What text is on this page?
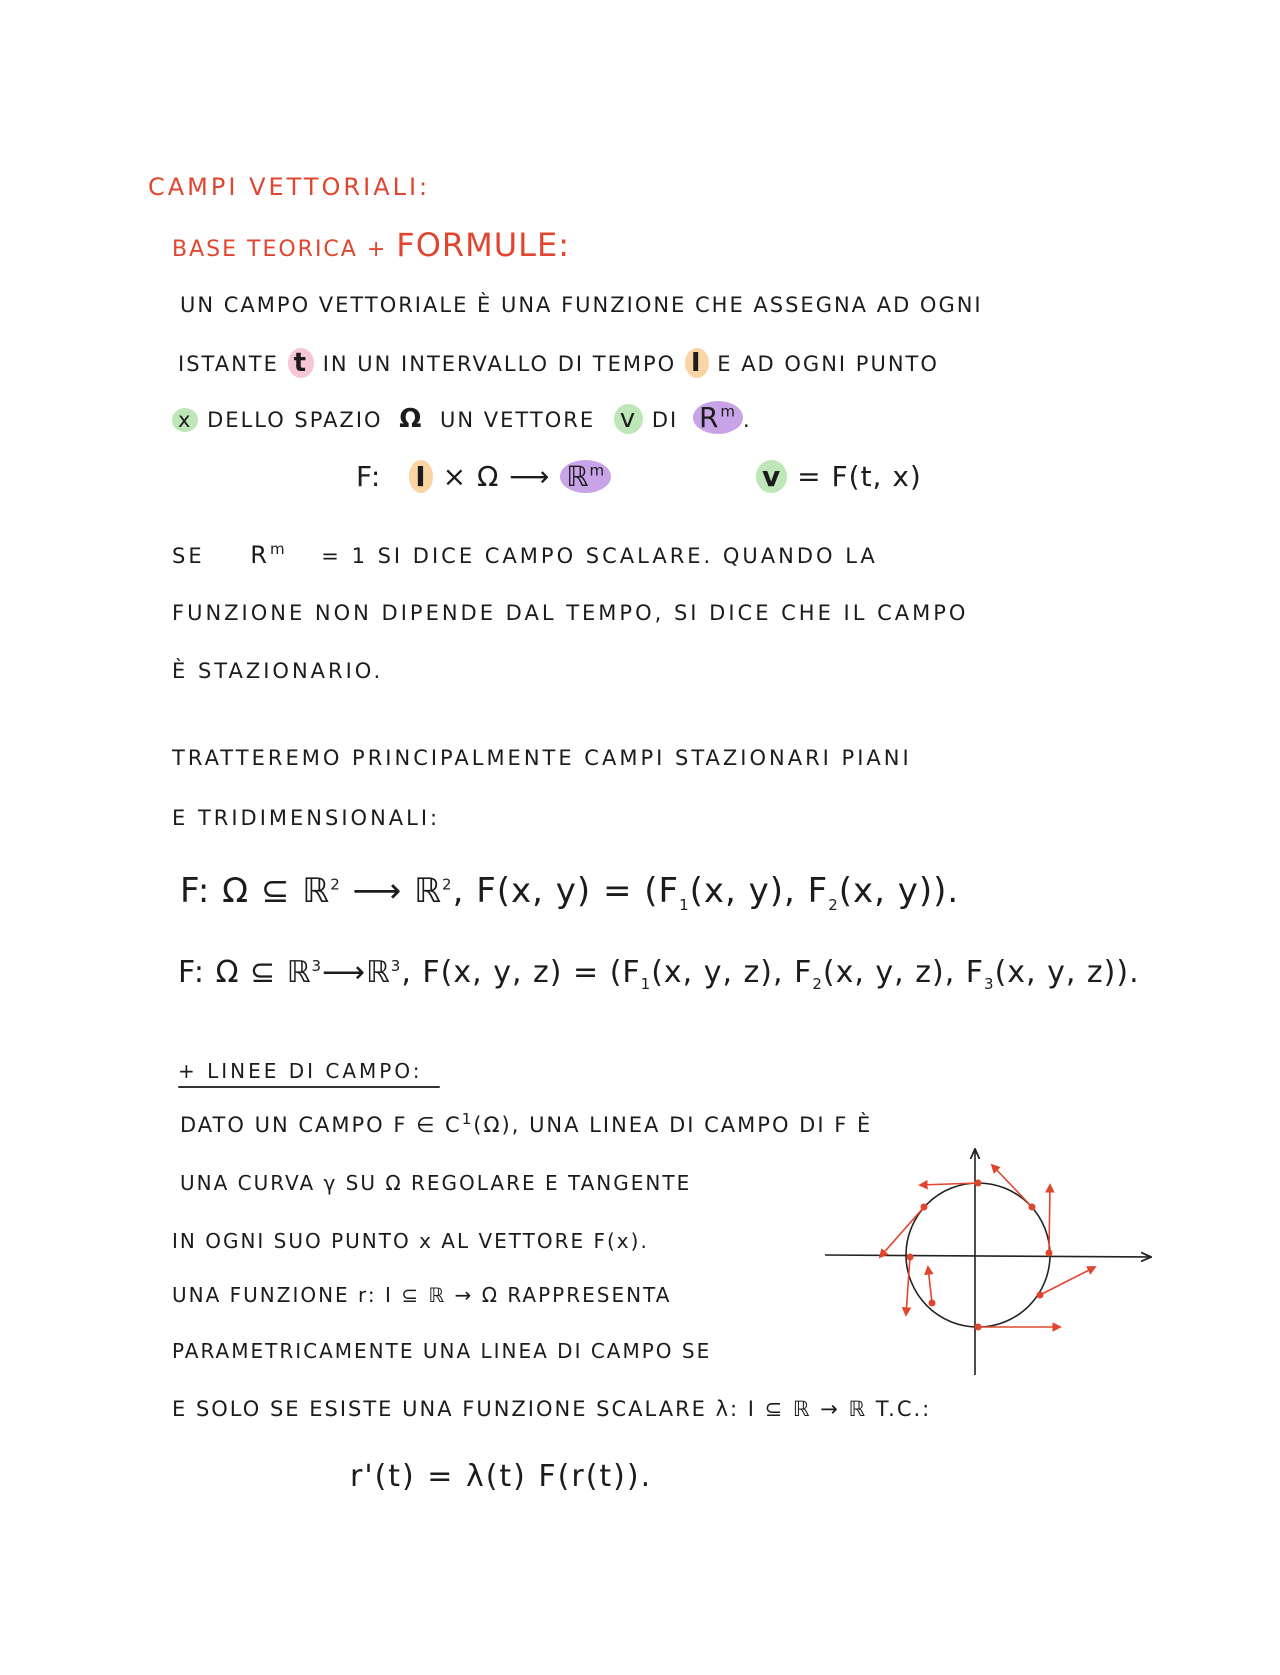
CAMPI VETTORIALI:
BASE TEORICA + FORMULE:
UN CAMPO VETTORIALE È UNA FUNZIONE CHE ASSEGNA AD OGNI
ISTANTE t IN UN INTERVALLO DI TEMPO I E AD OGNI PUNTO
x DELLO SPAZIO Ω UN VETTORE v DI $R^m$ .
F: I × Ω ⟶ ℝ$^m$	v = F(t, x)
SE $R^m = 1$ SI DICE CAMPO SCALARE. QUANDO LA
FUNZIONE NON DIPENDE DAL TEMPO, SI DICE CHE IL CAMPO
È STAZIONARIO.
TRATTEREMO PRINCIPALMENTE CAMPI STAZIONARI PIANI
E TRIDIMENSIONALI:
F: Ω ⊆ ℝ$^2$ ⟶ ℝ$^2$, F(x, $y) = (F_1(x$, y), $F_2(x$, y)).
F: Ω ⊆ ℝ$^3$⟶ℝ$^3$, F(x, y, $z) = (F_1(x$, y, z), $F_2(x$, y, z), $F_3(x$, y, z)).
+ LINEE DI CAMPO:
DATO UN CAMPO F ∈ $C^1(\Omega)$, UNA LINEA DI CAMPO DI F È
UNA CURVA γ SU Ω REGOLARE E TANGENTE
IN OGNI SUO PUNTO x AL VETTORE F(x).
UNA FUNZIONE r: I ⊆ ℝ → Ω RAPPRESENTA
PARAMETRICAMENTE UNA LINEA DI CAMPO SE
E SOLO SE ESISTE UNA FUNZIONE SCALARE λ: I ⊆ ℝ → ℝ T.C.:
r'(t) = λ(t) F(r(t)).
